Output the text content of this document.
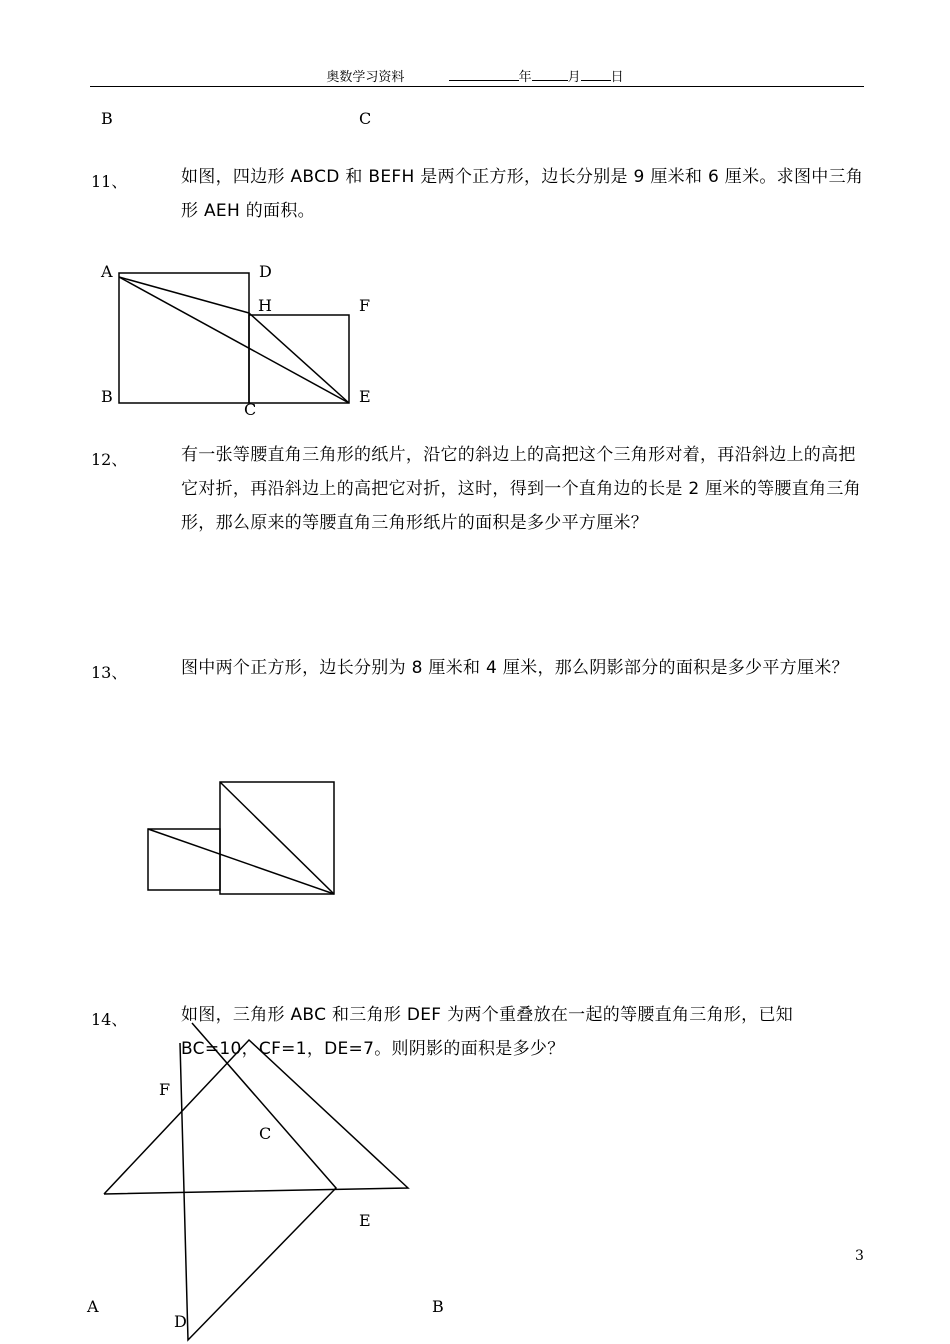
奥数学习资料	年	月 日
B	C
11、	如图，四边形 ABCD 和 BEFH 是两个正方形，边长分别是 9 厘米和 6 厘米。求图中三角形 AEH 的面积。
A	D
H	F
B
C
E
12、	有一张等腰直角三角形的纸片，沿它的斜边上的高把这个三角形对着，再沿斜边上的高把它对折，再沿斜边上的高把它对折，这时，得到一个直角边的长是 2 厘米的等腰直角三角形，那么原来的等腰直角三角形纸片的面积是多少平方厘米？
13、	图中两个正方形，边长分别为 8 厘米和 4 厘米，那么阴影部分的面积是多少平方厘米？
14、	如图，三角形 ABC 和三角形 DEF 为两个重叠放在一起的等腰直角三角形，已知 BC=10，CF=1，DE=7。则阴影的面积是多少？
F
C
E
A
D
B
3
